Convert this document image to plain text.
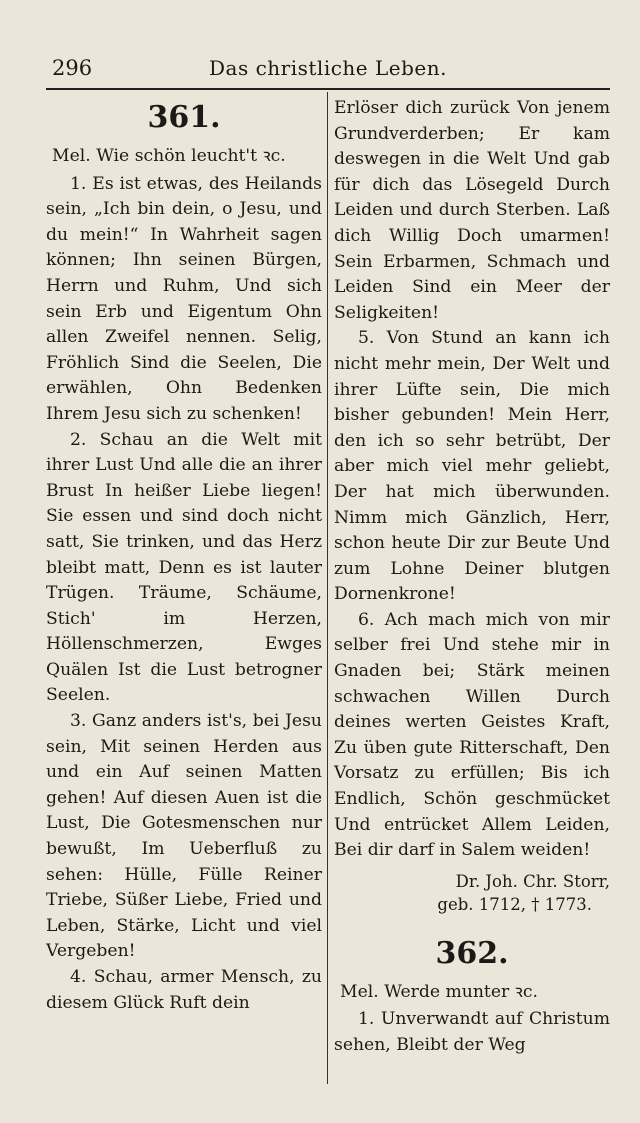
296	Das christliche Leben.
361.
Mel. Wie schön leucht't ꝛc.

1. Es ist etwas, des Heilands sein, „Ich bin dein, o Jesu, und du mein!“ In Wahrheit sagen können; Ihn seinen Bürgen, Herrn und Ruhm, Und sich sein Erb und Eigentum Ohn allen Zweifel nennen. Selig, Fröhlich Sind die Seelen, Die erwählen, Ohn Bedenken Ihrem Jesu sich zu schenken!

2. Schau an die Welt mit ihrer Lust Und alle die an ihrer Brust In heißer Liebe liegen! Sie essen und sind doch nicht satt, Sie trinken, und das Herz bleibt matt, Denn es ist lauter Trügen. Träume, Schäume, Stich' im Herzen, Höllenschmerzen, Ewges Quälen Ist die Lust betrogner Seelen.

3. Ganz anders ist's, bei Jesu sein, Mit seinen Herden aus und ein Auf seinen Matten gehen! Auf diesen Auen ist die Lust, Die Gotesmenschen nur bewußt, Im Ueberfluß zu sehen: Hülle, Fülle Reiner Triebe, Süßer Liebe, Fried und Leben, Stärke, Licht und viel Vergeben!

4. Schau, armer Mensch, zu diesem Glück Ruft dein

Erlöser dich zurück Von jenem Grundverderben; Er kam deswegen in die Welt Und gab für dich das Lösegeld Durch Leiden und durch Sterben. Laß dich Willig Doch umarmen! Sein Erbarmen, Schmach und Leiden Sind ein Meer der Seligkeiten!

5. Von Stund an kann ich nicht mehr mein, Der Welt und ihrer Lüfte sein, Die mich bisher gebunden! Mein Herr, den ich so sehr betrübt, Der aber mich viel mehr geliebt, Der hat mich überwunden. Nimm mich Gänzlich, Herr, schon heute Dir zur Beute Und zum Lohne Deiner blutgen Dornenkrone!

6. Ach mach mich von mir selber frei Und stehe mir in Gnaden bei; Stärk meinen schwachen Willen Durch deines werten Geistes Kraft, Zu üben gute Ritterschaft, Den Vorsatz zu erfüllen; Bis ich Endlich, Schön geschmücket Und entrücket Allem Leiden, Bei dir darf in Salem weiden!

Dr. Joh. Chr. Storr,
geb. 1712, † 1773.
362.
Mel. Werde munter ꝛc.

1. Unverwandt auf Christum sehen, Bleibt der Weg
